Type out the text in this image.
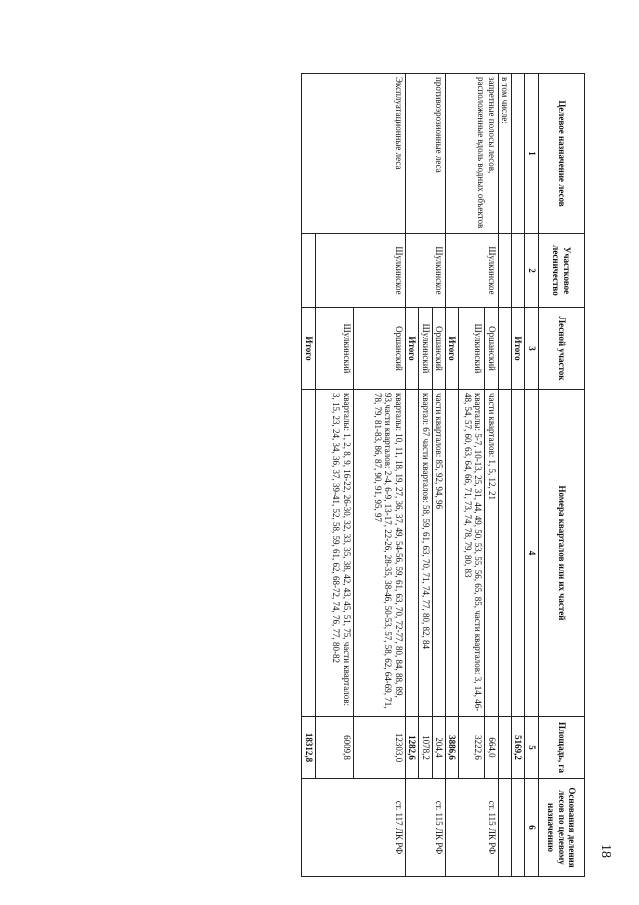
18
Целевое назначение лесов	Участковое лесничество	Лесной участок	Номера кварталов или их частей	Площадь, га	Основания деления лесов по целевому назначению
1	2	3	4	5	6
		Итого		5169,2	
в том числе:					
запретные полосы лесов, расположенные вдоль водных объектов	Шулкинское	Оршанский	части кварталов: 1, 5, 12, 21	664,0	ст. 115 ЛК РФ
		Шулкинский	кварталы: 5-7, 10-13, 25, 31, 44, 49, 50, 53, 55, 56, 65, 85, части кварталов: 3, 14, 46-48, 54, 57, 60, 63, 64, 66, 71, 73, 74, 78, 79, 80, 83	3222,6	
		Итого		3886,6	
противоэрозионные леса	Шулкинское	Оршанский	части кварталов: 85, 92, 94, 96	204,4	ст. 115 ЛК РФ
		Шулкинский	квартал: 67 части кварталов: 58, 59, 61, 63, 70, 71, 74, 77, 80, 82, 84	1078,2	
		Итого		1282,6	
Эксплуатационные леса	Шулкинское	Оршанский	кварталы: 10, 11, 18, 19, 27, 36, 37, 49, 54-56, 59, 61, 63, 70, 72-77, 80, 84, 88, 89, 93,части кварталов: 2-4, 6-9, 13-17, 22-26, 28-35, 38-46, 50-53, 57, 58, 62, 64-69, 71, 78, 79, 81-83, 86, 87, 90, 91, 95, 97	12303,0	ст. 117 ЛК РФ
		Шулкинский	кварталы: 1, 2, 8, 9, 16-22, 26-30, 32, 33, 35, 38, 42, 43, 45, 51, 75, части кварталов: 3, 15, 23, 24, 34, 36, 37, 39-41, 52, 58, 59, 61, 62, 68-72, 74, 76, 77, 80-82	6009,8	
		Итого		18312,8	
